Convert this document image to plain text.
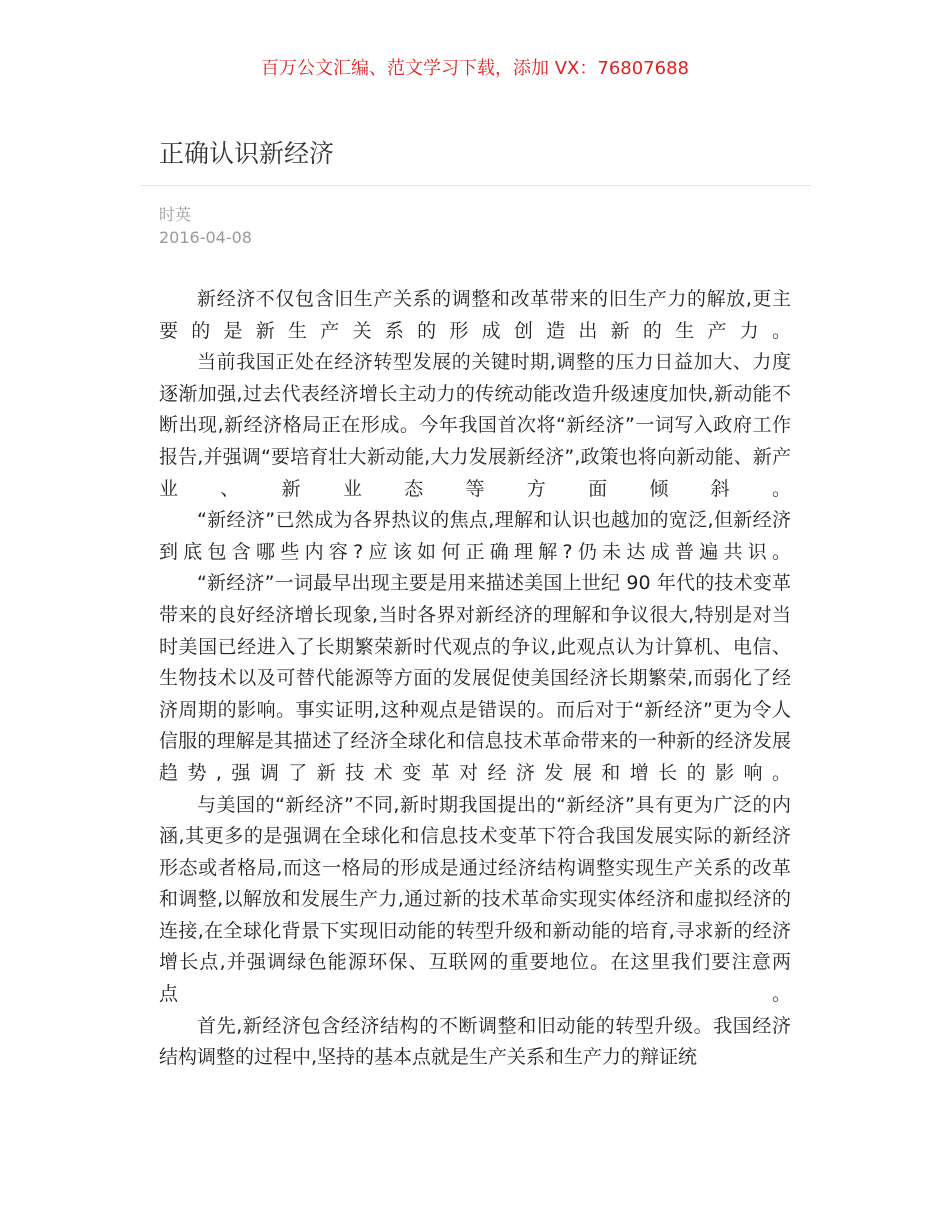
百万公文汇编、范文学习下载，添加 VX：76807688
正确认识新经济
时英
2016-04-08

新经济不仅包含旧生产关系的调整和改革带来的旧生产力的解放,更主要的是新生产关系的形成创造出新的生产力。

当前我国正处在经济转型发展的关键时期,调整的压力日益加大、力度逐渐加强,过去代表经济增长主动力的传统动能改造升级速度加快,新动能不断出现,新经济格局正在形成。今年我国首次将“新经济”一词写入政府工作报告,并强调“要培育壮大新动能,大力发展新经济”,政策也将向新动能、新产业、新业态等方面倾斜。

“新经济”已然成为各界热议的焦点,理解和认识也越加的宽泛,但新经济到底包含哪些内容?应该如何正确理解?仍未达成普遍共识。

“新经济”一词最早出现主要是用来描述美国上世纪 90 年代的技术变革带来的良好经济增长现象,当时各界对新经济的理解和争议很大,特别是对当时美国已经进入了长期繁荣新时代观点的争议,此观点认为计算机、电信、生物技术以及可替代能源等方面的发展促使美国经济长期繁荣,而弱化了经济周期的影响。事实证明,这种观点是错误的。而后对于“新经济”更为令人信服的理解是其描述了经济全球化和信息技术革命带来的一种新的经济发展趋势,强调了新技术变革对经济发展和增长的影响。

与美国的“新经济”不同,新时期我国提出的“新经济”具有更为广泛的内涵,其更多的是强调在全球化和信息技术变革下符合我国发展实际的新经济形态或者格局,而这一格局的形成是通过经济结构调整实现生产关系的改革和调整,以解放和发展生产力,通过新的技术革命实现实体经济和虚拟经济的连接,在全球化背景下实现旧动能的转型升级和新动能的培育,寻求新的经济增长点,并强调绿色能源环保、互联网的重要地位。在这里我们要注意两点。

首先,新经济包含经济结构的不断调整和旧动能的转型升级。我国经济结构调整的过程中,坚持的基本点就是生产关系和生产力的辩证统
